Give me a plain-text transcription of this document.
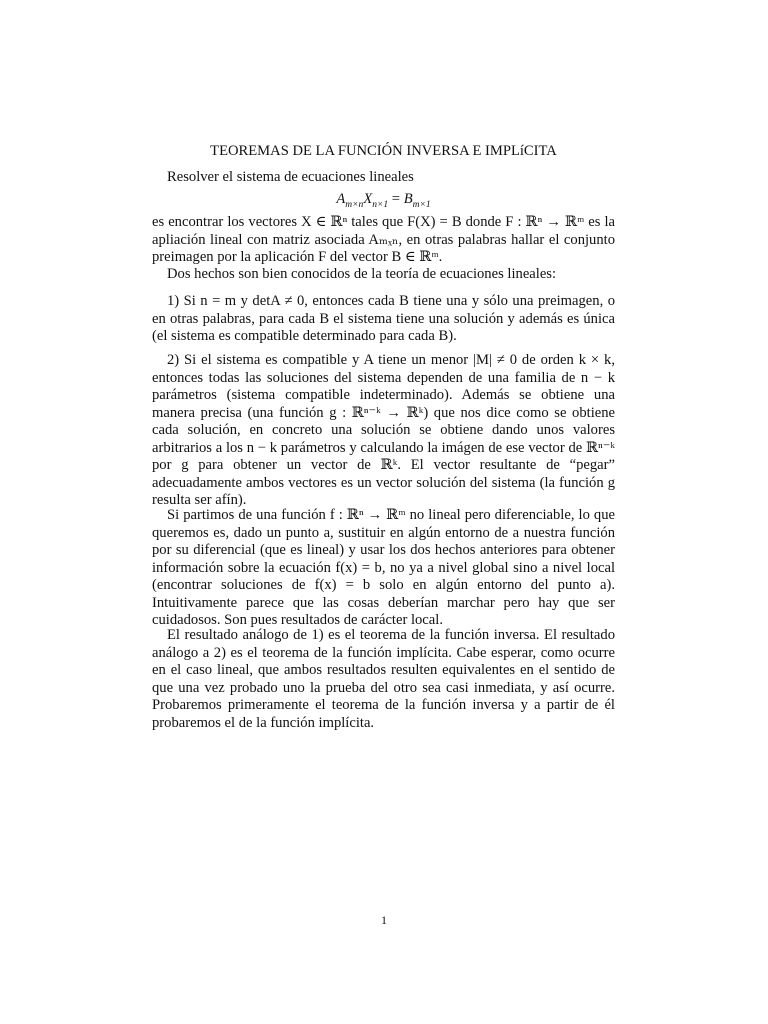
TEOREMAS DE LA FUNCIÓN INVERSA E IMPLíCITA
Resolver el sistema de ecuaciones lineales
$A_{m\times n}X_{n\times 1} = B_{m\times 1}$
es encontrar los vectores X ∈ ℝⁿ tales que F(X) = B donde F : ℝⁿ → ℝᵐ es la apliación lineal con matriz asociada Aₘₓₙ, en otras palabras hallar el conjunto preimagen por la aplicación F del vector B ∈ ℝᵐ.
Dos hechos son bien conocidos de la teoría de ecuaciones lineales:
1) Si n = m y detA ≠ 0, entonces cada B tiene una y sólo una preimagen, o en otras palabras, para cada B el sistema tiene una solución y además es única (el sistema es compatible determinado para cada B).
2) Si el sistema es compatible y A tiene un menor |M| ≠ 0 de orden k × k, entonces todas las soluciones del sistema dependen de una familia de n − k parámetros (sistema compatible indeterminado). Además se obtiene una manera precisa (una función g : ℝⁿ⁻ᵏ → ℝᵏ) que nos dice como se obtiene cada solución, en concreto una solución se obtiene dando unos valores arbitrarios a los n − k parámetros y calculando la imágen de ese vector de ℝⁿ⁻ᵏ por g para obtener un vector de ℝᵏ. El vector resultante de “pegar” adecuadamente ambos vectores es un vector solución del sistema (la función g resulta ser afín).
Si partimos de una función f : ℝⁿ → ℝᵐ no lineal pero diferenciable, lo que queremos es, dado un punto a, sustituir en algún entorno de a nuestra función por su diferencial (que es lineal) y usar los dos hechos anteriores para obtener información sobre la ecuación f(x) = b, no ya a nivel global sino a nivel local (encontrar soluciones de f(x) = b solo en algún entorno del punto a). Intuitivamente parece que las cosas deberían marchar pero hay que ser cuidadosos. Son pues resultados de carácter local.
El resultado análogo de 1) es el teorema de la función inversa. El resultado análogo a 2) es el teorema de la función implícita. Cabe esperar, como ocurre en el caso lineal, que ambos resultados resulten equivalentes en el sentido de que una vez probado uno la prueba del otro sea casi inmediata, y así ocurre. Probaremos primeramente el teorema de la función inversa y a partir de él probaremos el de la función implícita.
1
